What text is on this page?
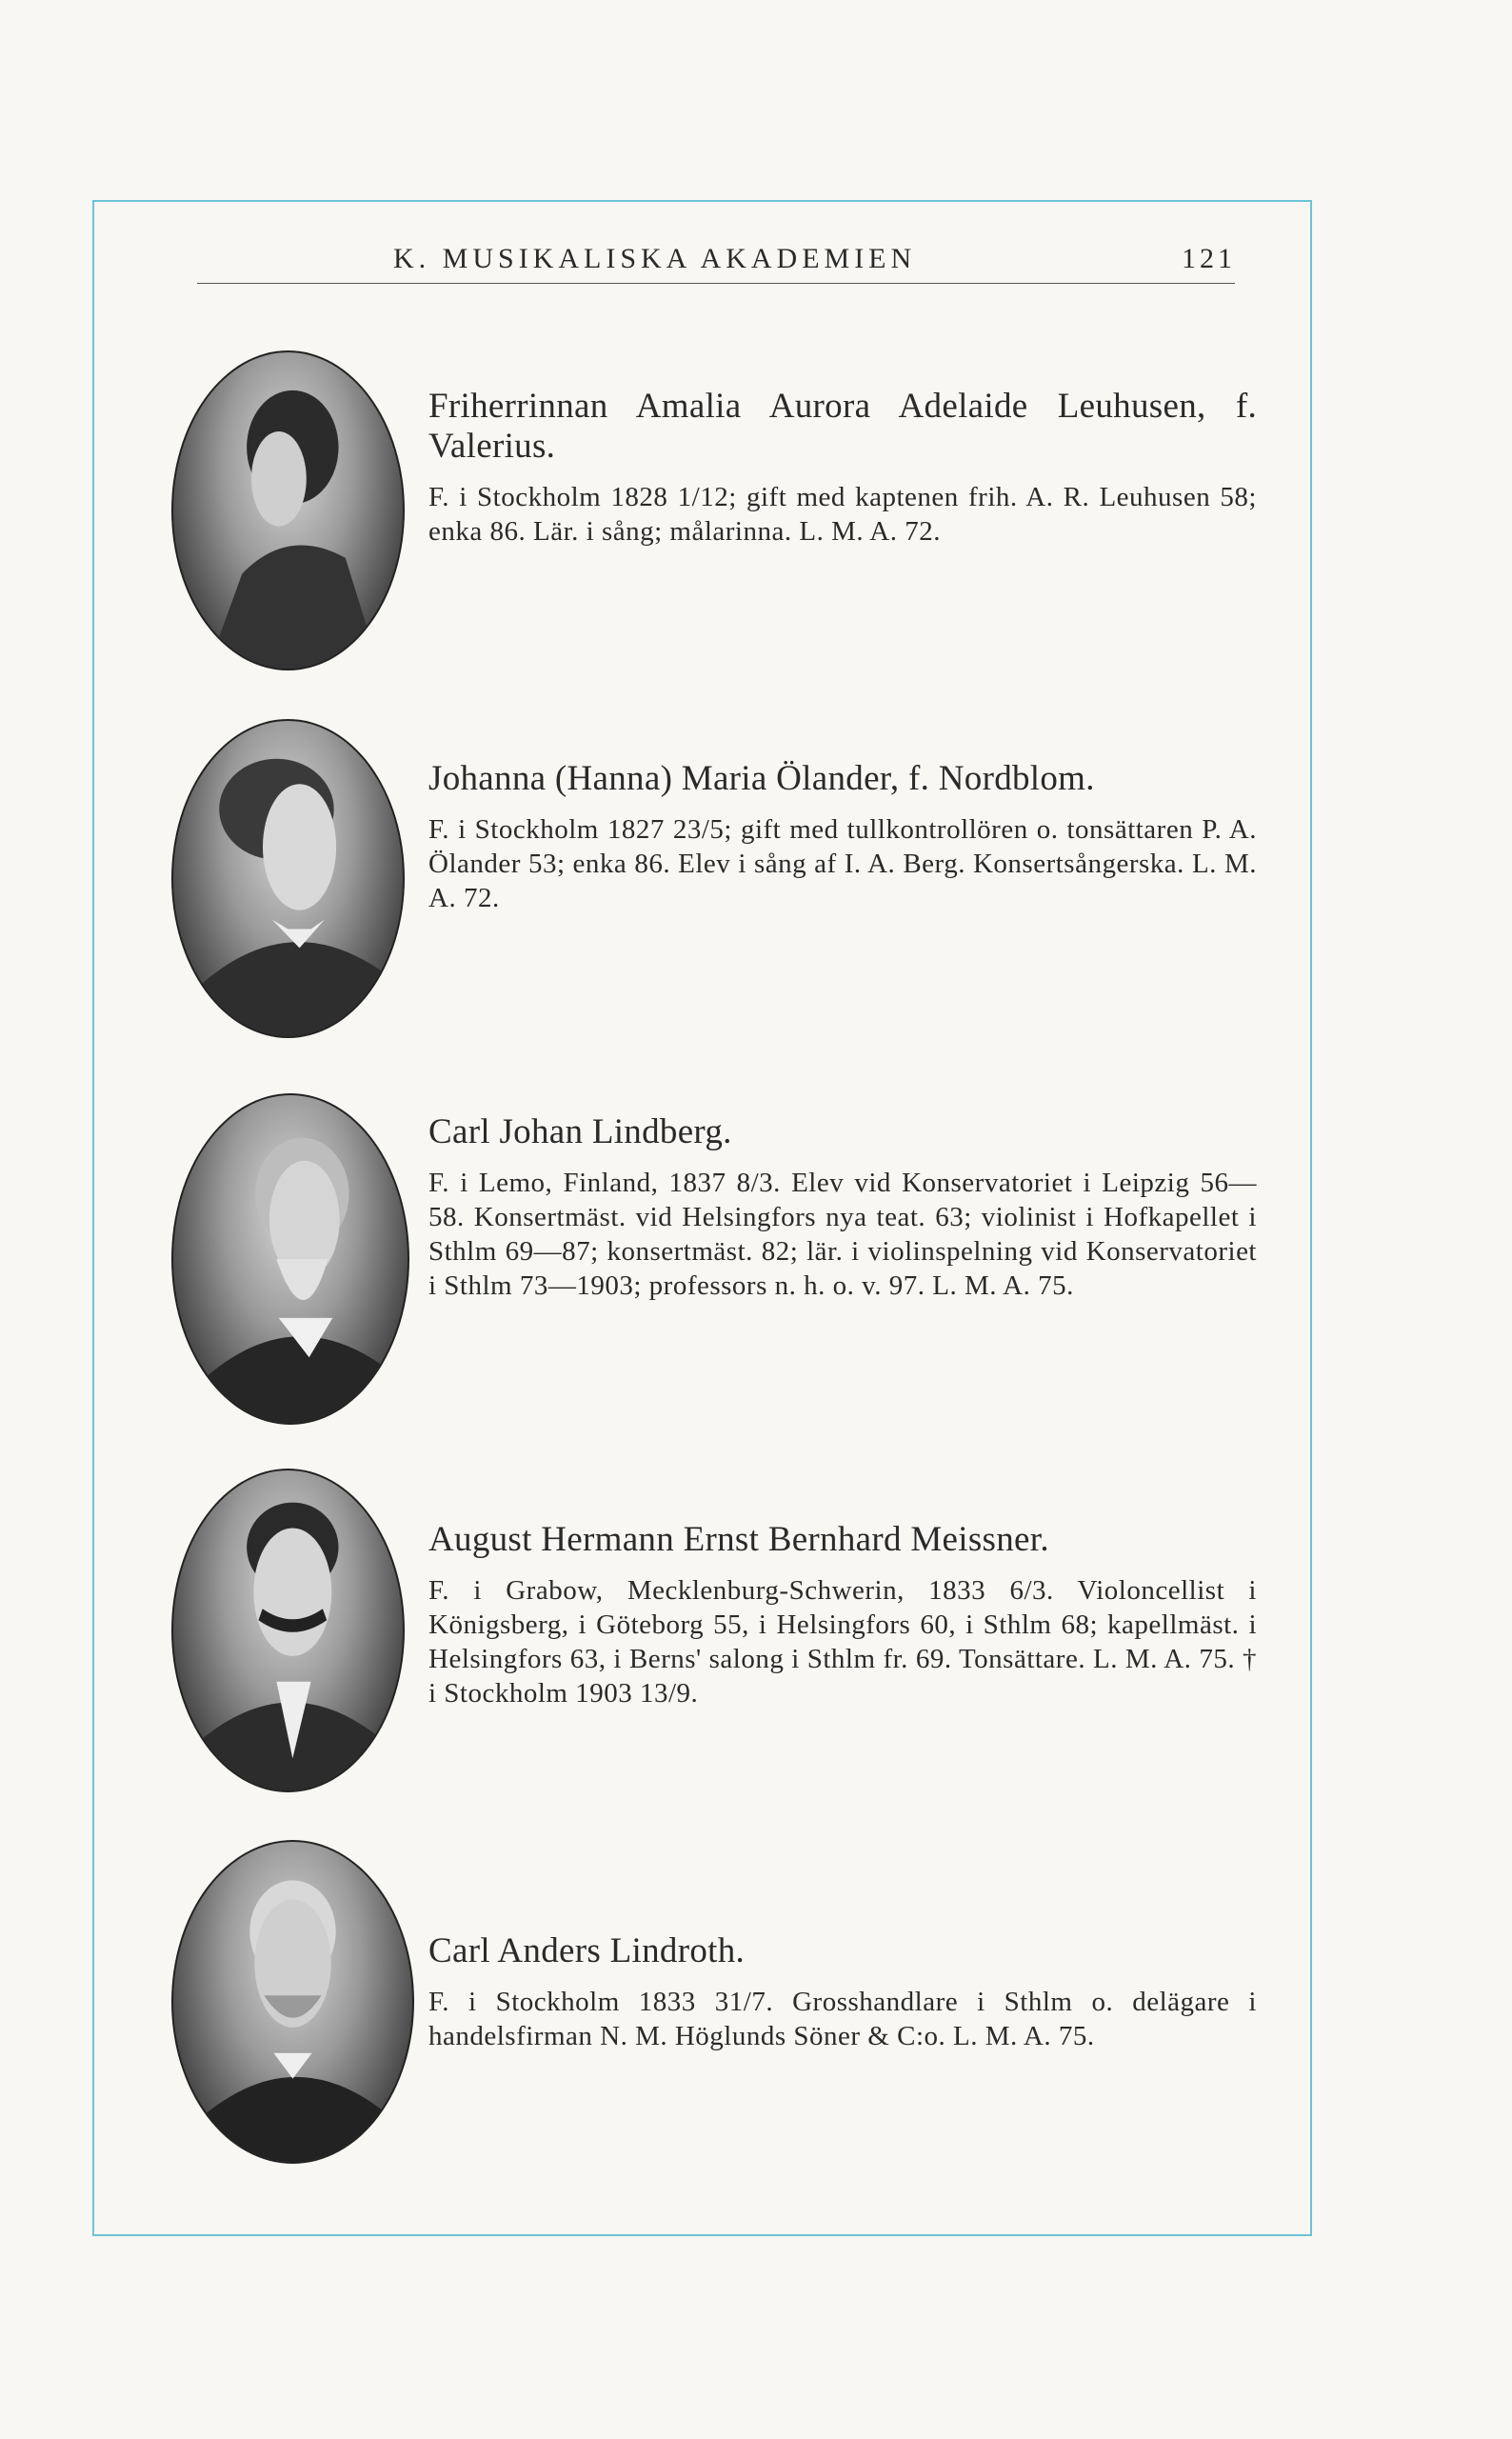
K. MUSIKALISKA AKADEMIEN	121

Friherrinnan Amalia Aurora Adelaide Leuhusen, f. Valerius.

F. i Stockholm 1828 1/12; gift med kaptenen frih. A. R. Leuhusen 58; enka 86. Lär. i sång; målarinna. L. M. A. 72.

Johanna (Hanna) Maria Ölander, f. Nordblom.

F. i Stockholm 1827 23/5; gift med tullkontrollören o. tonsättaren P. A. Ölander 53; enka 86. Elev i sång af I. A. Berg. Konsertsångerska. L. M. A. 72.

Carl Johan Lindberg.

F. i Lemo, Finland, 1837 8/3. Elev vid Konservatoriet i Leipzig 56—58. Konsertmäst. vid Helsingfors nya teat. 63; violinist i Hofkapellet i Sthlm 69—87; konsertmäst. 82; lär. i violinspelning vid Konservatoriet i Sthlm 73—1903; professors n. h. o. v. 97. L. M. A. 75.

August Hermann Ernst Bernhard Meissner.

F. i Grabow, Mecklenburg-Schwerin, 1833 6/3. Violoncellist i Königsberg, i Göteborg 55, i Helsingfors 60, i Sthlm 68; kapellmäst. i Helsingfors 63, i Berns' salong i Sthlm fr. 69. Tonsättare. L. M. A. 75. † i Stockholm 1903 13/9.

Carl Anders Lindroth.

F. i Stockholm 1833 31/7. Grosshandlare i Sthlm o. delägare i handelsfirman N. M. Höglunds Söner & C:o. L. M. A. 75.
